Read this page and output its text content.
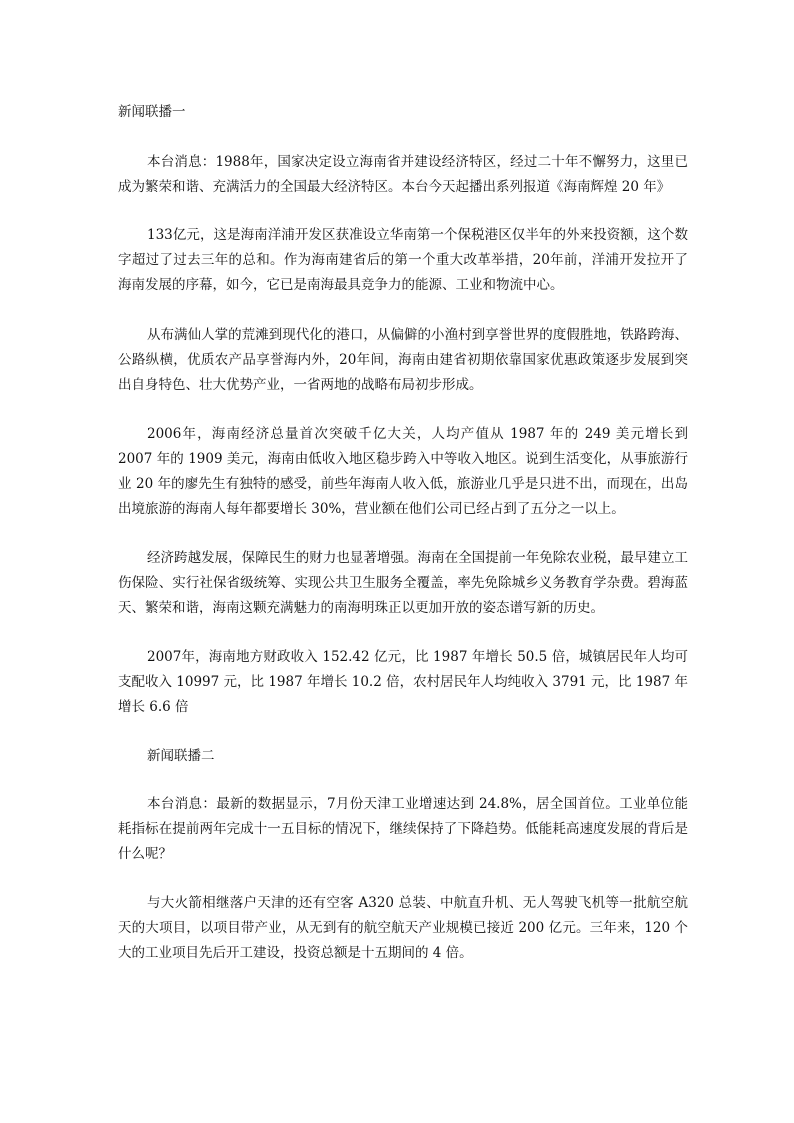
新闻联播一

本台消息：1988年，国家决定设立海南省并建设经济特区，经过二十年不懈努力，这里已成为繁荣和谐、充满活力的全国最大经济特区。本台今天起播出系列报道《海南辉煌 20 年》

133亿元，这是海南洋浦开发区获准设立华南第一个保税港区仅半年的外来投资额，这个数字超过了过去三年的总和。作为海南建省后的第一个重大改革举措，20年前，洋浦开发拉开了海南发展的序幕，如今，它已是南海最具竞争力的能源、工业和物流中心。

从布满仙人掌的荒滩到现代化的港口，从偏僻的小渔村到享誉世界的度假胜地，铁路跨海、公路纵横，优质农产品享誉海内外，20年间，海南由建省初期依靠国家优惠政策逐步发展到突出自身特色、壮大优势产业，一省两地的战略布局初步形成。

2006年，海南经济总量首次突破千亿大关，人均产值从 1987 年的 249 美元增长到 2007 年的 1909 美元，海南由低收入地区稳步跨入中等收入地区。说到生活变化，从事旅游行业 20 年的廖先生有独特的感受，前些年海南人收入低，旅游业几乎是只进不出，而现在，出岛出境旅游的海南人每年都要增长 30%，营业额在他们公司已经占到了五分之一以上。

经济跨越发展，保障民生的财力也显著增强。海南在全国提前一年免除农业税，最早建立工伤保险、实行社保省级统筹、实现公共卫生服务全覆盖，率先免除城乡义务教育学杂费。碧海蓝天、繁荣和谐，海南这颗充满魅力的南海明珠正以更加开放的姿态谱写新的历史。

2007年，海南地方财政收入 152.42 亿元，比 1987 年增长 50.5 倍，城镇居民年人均可支配收入 10997 元，比 1987 年增长 10.2 倍，农村居民年人均纯收入 3791 元，比 1987 年增长 6.6 倍

新闻联播二

本台消息：最新的数据显示，7月份天津工业增速达到 24.8%，居全国首位。工业单位能耗指标在提前两年完成十一五目标的情况下，继续保持了下降趋势。低能耗高速度发展的背后是什么呢？

与大火箭相继落户天津的还有空客 A320 总装、中航直升机、无人驾驶飞机等一批航空航天的大项目，以项目带产业，从无到有的航空航天产业规模已接近 200 亿元。三年来，120 个大的工业项目先后开工建设，投资总额是十五期间的 4 倍。
